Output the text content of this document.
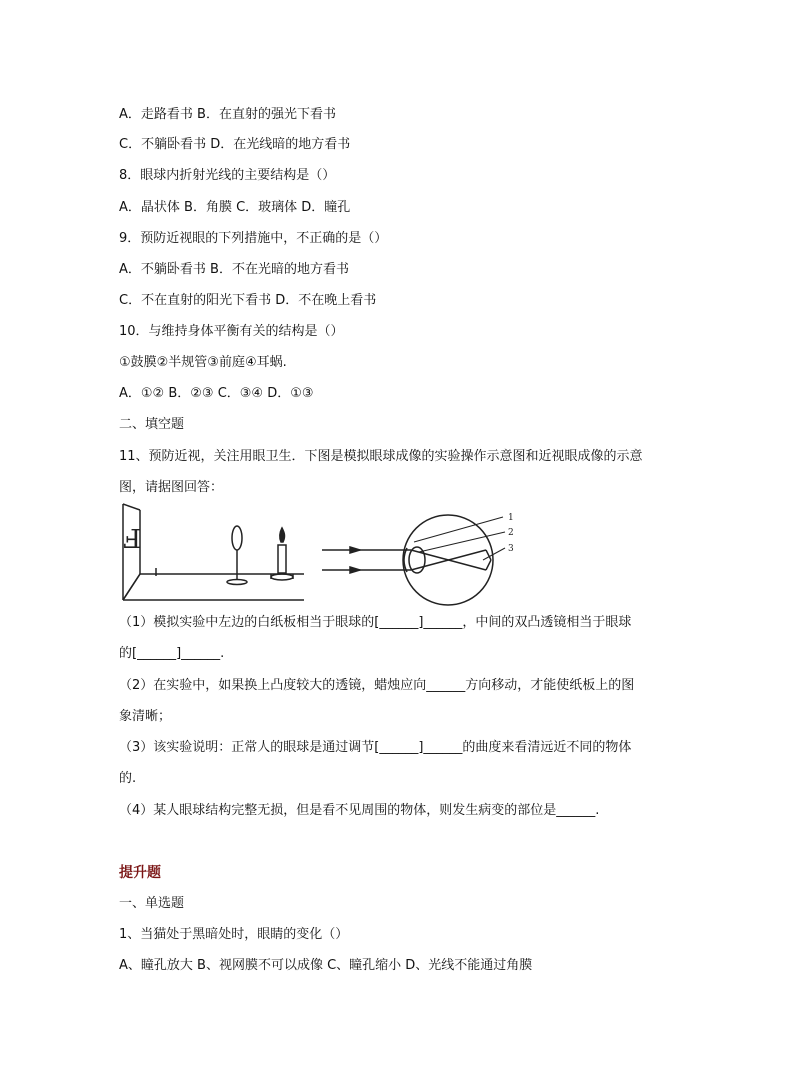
A．走路看书 B．在直射的强光下看书
C．不躺卧看书 D．在光线暗的地方看书
8．眼球内折射光线的主要结构是（）
A．晶状体 B．角膜 C．玻璃体 D．瞳孔
9．预防近视眼的下列措施中，不正确的是（）
A．不躺卧看书 B．不在光暗的地方看书
C．不在直射的阳光下看书 D．不在晚上看书
10．与维持身体平衡有关的结构是（）
①鼓膜②半规管③前庭④耳蜗.
A．①② B．②③ C．③④ D．①③
二、填空题
11、预防近视，关注用眼卫生．下图是模拟眼球成像的实验操作示意图和近视眼成像的示意
图，请据图回答：
F
1
2
3
（1）模拟实验中左边的白纸板相当于眼球的[______]______，中间的双凸透镜相当于眼球
的[______]______.
（2）在实验中，如果换上凸度较大的透镜，蜡烛应向______方向移动，才能使纸板上的图
象清晰；
（3）该实验说明：正常人的眼球是通过调节[______]______的曲度来看清远近不同的物体
的.
（4）某人眼球结构完整无损，但是看不见周围的物体，则发生病变的部位是______.
提升题
一、单选题
1、当猫处于黑暗处时，眼睛的变化（）
A、瞳孔放大 B、视网膜不可以成像 C、瞳孔缩小 D、光线不能通过角膜
